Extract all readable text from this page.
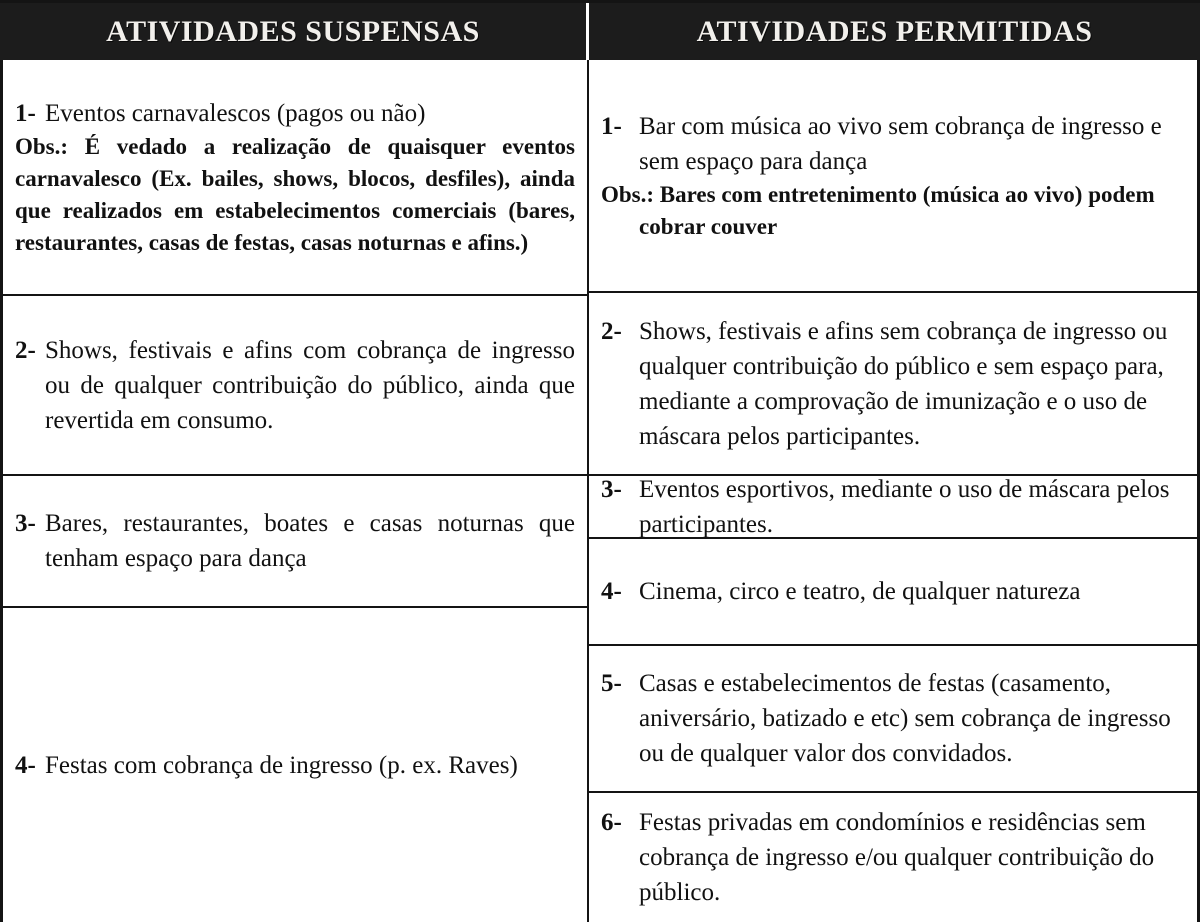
ATIVIDADES SUSPENSAS	ATIVIDADES PERMITIDAS
1- Eventos carnavalescos (pagos ou não)
Obs.: É vedado a realização de quaisquer eventos carnavalesco (Ex. bailes, shows, blocos, desfiles), ainda que realizados em estabelecimentos comerciais (bares, restaurantes, casas de festas, casas noturnas e afins.)
2- Shows, festivais e afins com cobrança de ingresso ou de qualquer contribuição do público, ainda que revertida em consumo.
3- Bares, restaurantes, boates e casas noturnas que tenham espaço para dança
4- Festas com cobrança de ingresso (p. ex. Raves)
1- Bar com música ao vivo sem cobrança de ingresso e sem espaço para dança
Obs.: Bares com entretenimento (música ao vivo) podem cobrar couver
2- Shows, festivais e afins sem cobrança de ingresso ou qualquer contribuição do público e sem espaço para, mediante a comprovação de imunização e o uso de máscara pelos participantes.
3- Eventos esportivos, mediante o uso de máscara pelos participantes.
4- Cinema, circo e teatro, de qualquer natureza
5- Casas e estabelecimentos de festas (casamento, aniversário, batizado e etc) sem cobrança de ingresso ou de qualquer valor dos convidados.
6- Festas privadas em condomínios e residências sem cobrança de ingresso e/ou qualquer contribuição do público.
